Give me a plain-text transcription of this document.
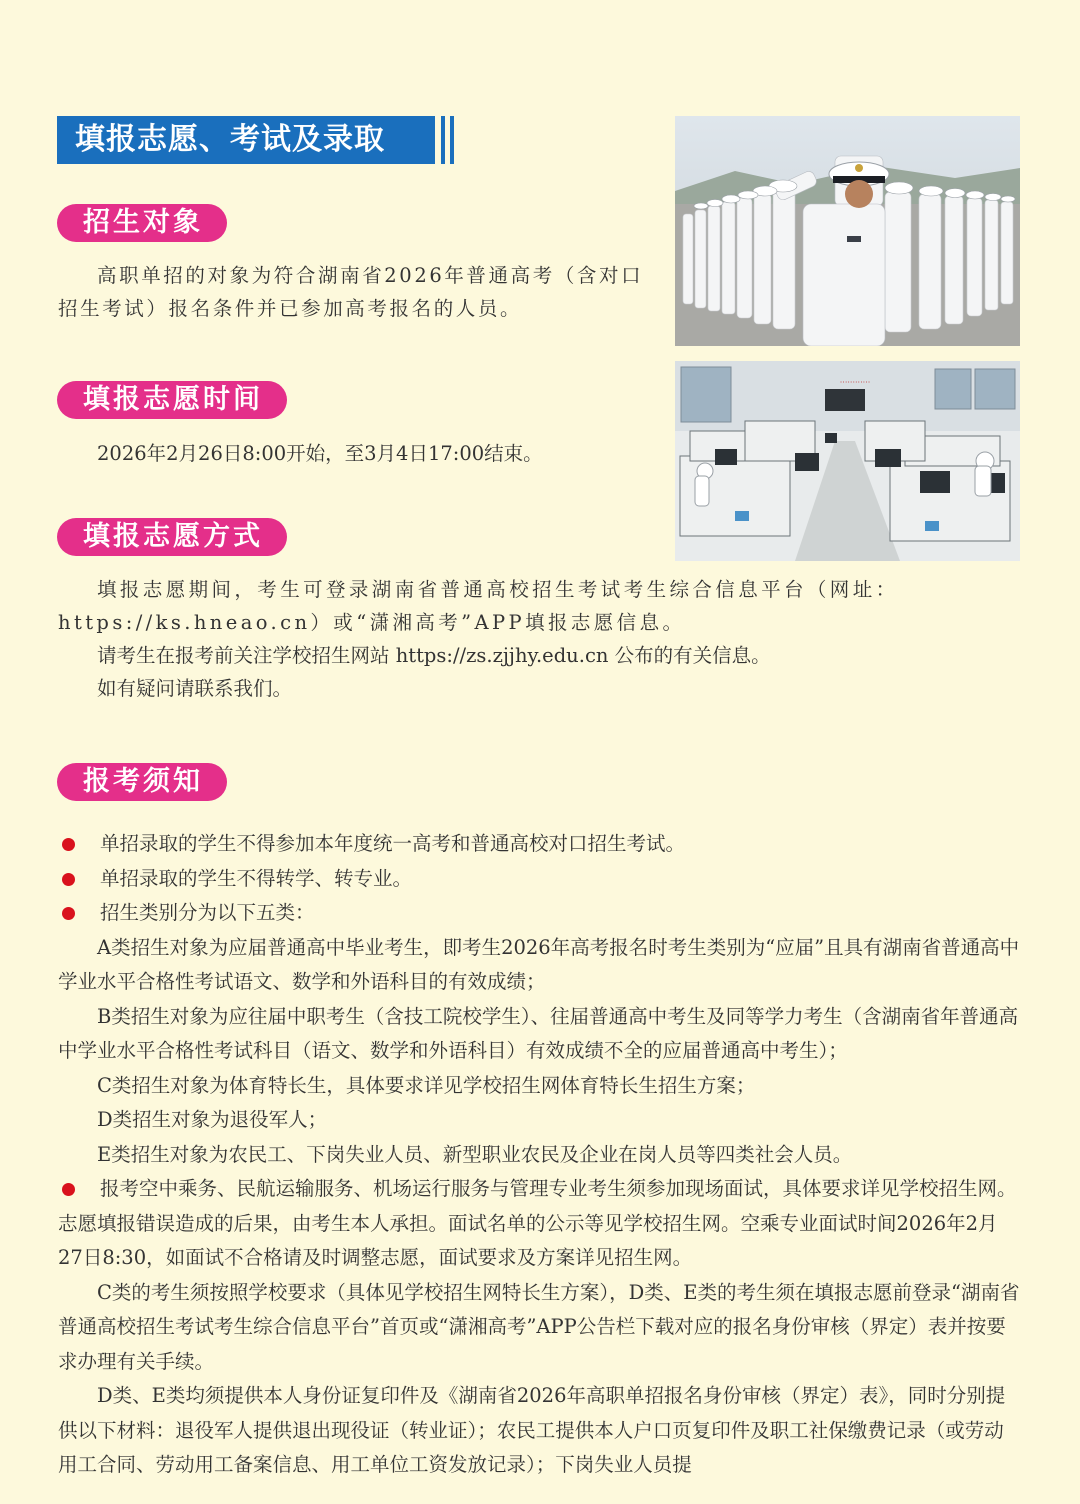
填报志愿、考试及录取
············
招生对象

高职单招的对象为符合湖南省2026年普通高考（含对口招生考试）报名条件并已参加高考报名的人员。

填报志愿时间

2026年2月26日8:00开始，至3月4日17:00结束。

填报志愿方式

填报志愿期间，考生可登录湖南省普通高校招生考试考生综合信息平台（网址：https://ks.hneao.cn）或“潇湘高考”APP填报志愿信息。

请考生在报考前关注学校招生网站 https://zs.zjjhy.edu.cn 公布的有关信息。

如有疑问请联系我们。

报考须知
单招录取的学生不得参加本年度统一高考和普通高校对口招生考试。
单招录取的学生不得转学、转专业。
招生类别分为以下五类：

A类招生对象为应届普通高中毕业考生，即考生2026年高考报名时考生类别为“应届”且具有湖南省普通高中学业水平合格性考试语文、数学和外语科目的有效成绩；

B类招生对象为应往届中职考生（含技工院校学生）、往届普通高中考生及同等学力考生（含湖南省年普通高中学业水平合格性考试科目（语文、数学和外语科目）有效成绩不全的应届普通高中考生）；

C类招生对象为体育特长生，具体要求详见学校招生网体育特长生招生方案；

D类招生对象为退役军人；

E类招生对象为农民工、下岗失业人员、新型职业农民及企业在岗人员等四类社会人员。

报考空中乘务、民航运输服务、机场运行服务与管理专业考生须参加现场面试，具体要求详见学校招生网。志愿填报错误造成的后果，由考生本人承担。面试名单的公示等见学校招生网。空乘专业面试时间2026年2月27日8:30，如面试不合格请及时调整志愿，面试要求及方案详见招生网。

C类的考生须按照学校要求（具体见学校招生网特长生方案），D类、E类的考生须在填报志愿前登录“湖南省普通高校招生考试考生综合信息平台”首页或“潇湘高考”APP公告栏下载对应的报名身份审核（界定）表并按要求办理有关手续。

D类、E类均须提供本人身份证复印件及《湖南省2026年高职单招报名身份审核（界定）表》，同时分别提供以下材料：退役军人提供退出现役证（转业证）；农民工提供本人户口页复印件及职工社保缴费记录（或劳动用工合同、劳动用工备案信息、用工单位工资发放记录）；下岗失业人员提
